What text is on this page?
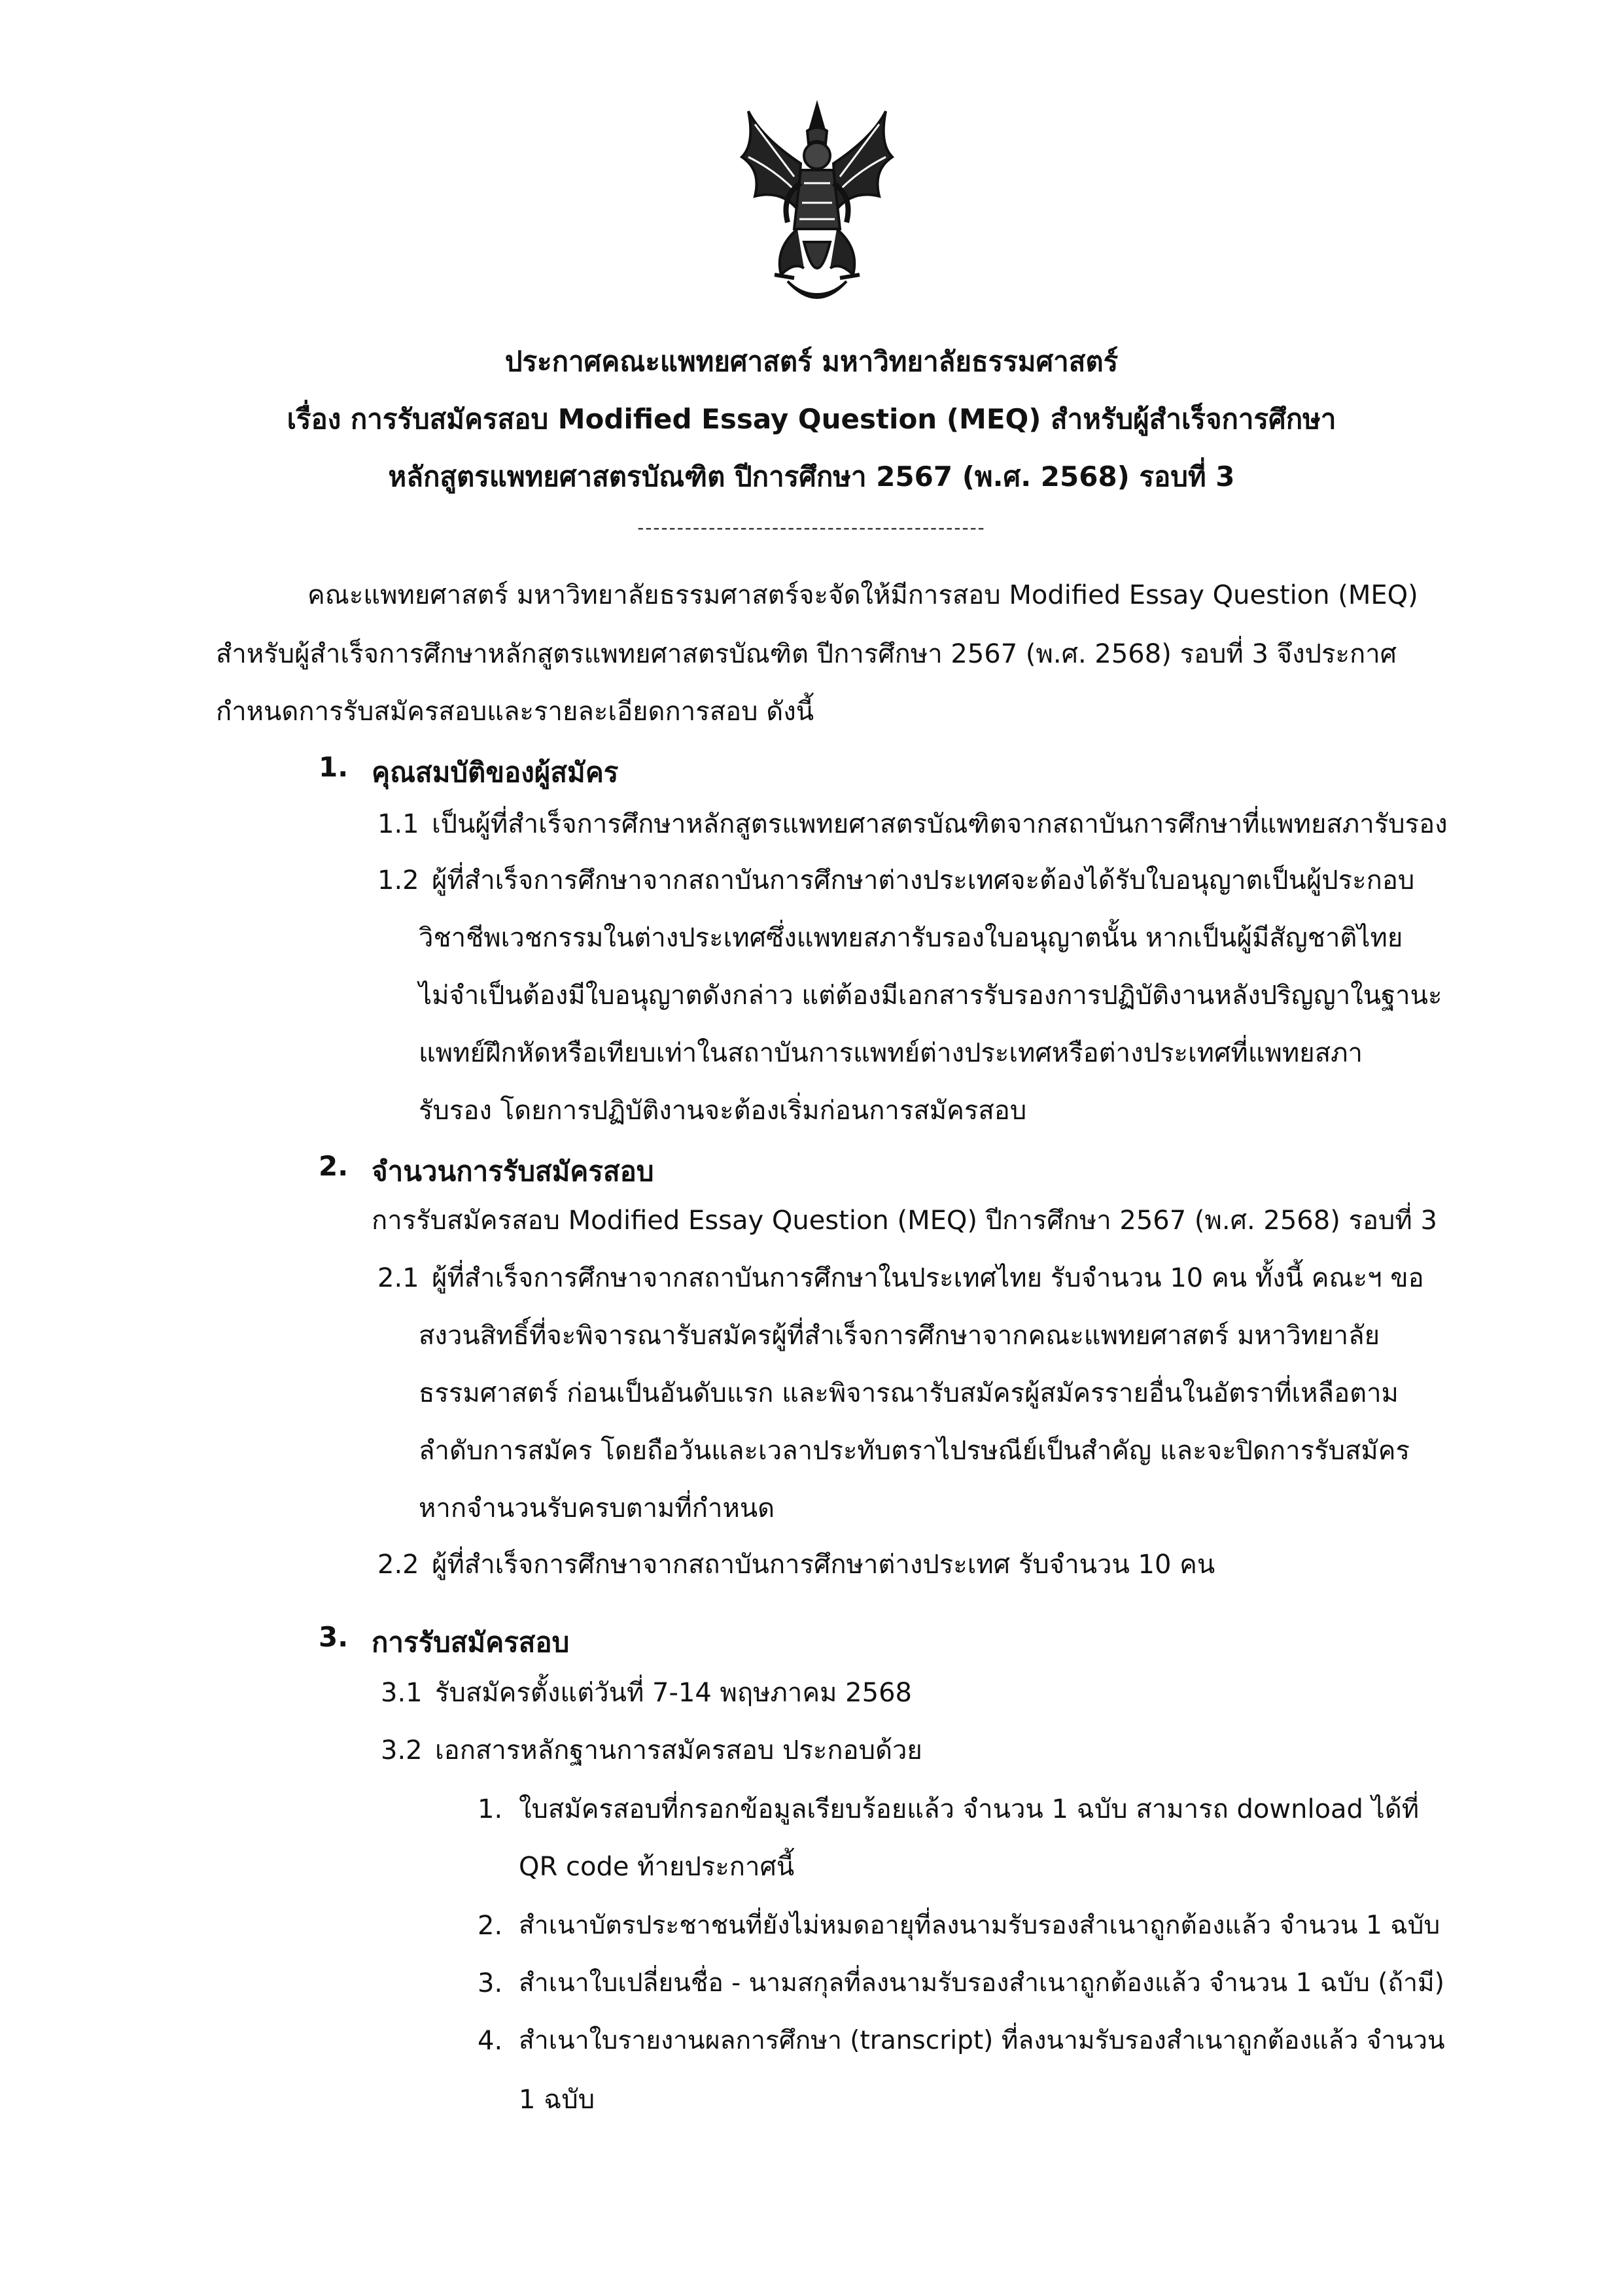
ประกาศคณะแพทยศาสตร์ มหาวิทยาลัยธรรมศาสตร์
เรื่อง การรับสมัครสอบ Modified Essay Question (MEQ) สำหรับผู้สำเร็จการศึกษา
หลักสูตรแพทยศาสตรบัณฑิต ปีการศึกษา 2567 (พ.ศ. 2568) รอบที่ 3
--------------------------------------------
คณะแพทยศาสตร์ มหาวิทยาลัยธรรมศาสตร์จะจัดให้มีการสอบ Modified Essay Question (MEQ)
สำหรับผู้สำเร็จการศึกษาหลักสูตรแพทยศาสตรบัณฑิต ปีการศึกษา 2567 (พ.ศ. 2568) รอบที่ 3 จึงประกาศ
กำหนดการรับสมัครสอบและรายละเอียดการสอบ ดังนี้
1. คุณสมบัติของผู้สมัคร
1.1 เป็นผู้ที่สำเร็จการศึกษาหลักสูตรแพทยศาสตรบัณฑิตจากสถาบันการศึกษาที่แพทยสภารับรอง
1.2 ผู้ที่สำเร็จการศึกษาจากสถาบันการศึกษาต่างประเทศจะต้องได้รับใบอนุญาตเป็นผู้ประกอบ
วิชาชีพเวชกรรมในต่างประเทศซึ่งแพทยสภารับรองใบอนุญาตนั้น หากเป็นผู้มีสัญชาติไทย
ไม่จำเป็นต้องมีใบอนุญาตดังกล่าว แต่ต้องมีเอกสารรับรองการปฏิบัติงานหลังปริญญาในฐานะ
แพทย์ฝึกหัดหรือเทียบเท่าในสถาบันการแพทย์ต่างประเทศหรือต่างประเทศที่แพทยสภา
รับรอง โดยการปฏิบัติงานจะต้องเริ่มก่อนการสมัครสอบ
2. จำนวนการรับสมัครสอบ
การรับสมัครสอบ Modified Essay Question (MEQ) ปีการศึกษา 2567 (พ.ศ. 2568) รอบที่ 3
2.1 ผู้ที่สำเร็จการศึกษาจากสถาบันการศึกษาในประเทศไทย รับจำนวน 10 คน ทั้งนี้ คณะฯ ขอ
สงวนสิทธิ์ที่จะพิจารณารับสมัครผู้ที่สำเร็จการศึกษาจากคณะแพทยศาสตร์ มหาวิทยาลัย
ธรรมศาสตร์ ก่อนเป็นอันดับแรก และพิจารณารับสมัครผู้สมัครรายอื่นในอัตราที่เหลือตาม
ลำดับการสมัคร โดยถือวันและเวลาประทับตราไปรษณีย์เป็นสำคัญ และจะปิดการรับสมัคร
หากจำนวนรับครบตามที่กำหนด
2.2 ผู้ที่สำเร็จการศึกษาจากสถาบันการศึกษาต่างประเทศ รับจำนวน 10 คน
3. การรับสมัครสอบ
3.1 รับสมัครตั้งแต่วันที่ 7-14 พฤษภาคม 2568
3.2 เอกสารหลักฐานการสมัครสอบ ประกอบด้วย
1. ใบสมัครสอบที่กรอกข้อมูลเรียบร้อยแล้ว จำนวน 1 ฉบับ สามารถ download ได้ที่
QR code ท้ายประกาศนี้
2. สำเนาบัตรประชาชนที่ยังไม่หมดอายุที่ลงนามรับรองสำเนาถูกต้องแล้ว จำนวน 1 ฉบับ
3. สำเนาใบเปลี่ยนชื่อ - นามสกุลที่ลงนามรับรองสำเนาถูกต้องแล้ว จำนวน 1 ฉบับ (ถ้ามี)
4. สำเนาใบรายงานผลการศึกษา (transcript) ที่ลงนามรับรองสำเนาถูกต้องแล้ว จำนวน
1 ฉบับ
